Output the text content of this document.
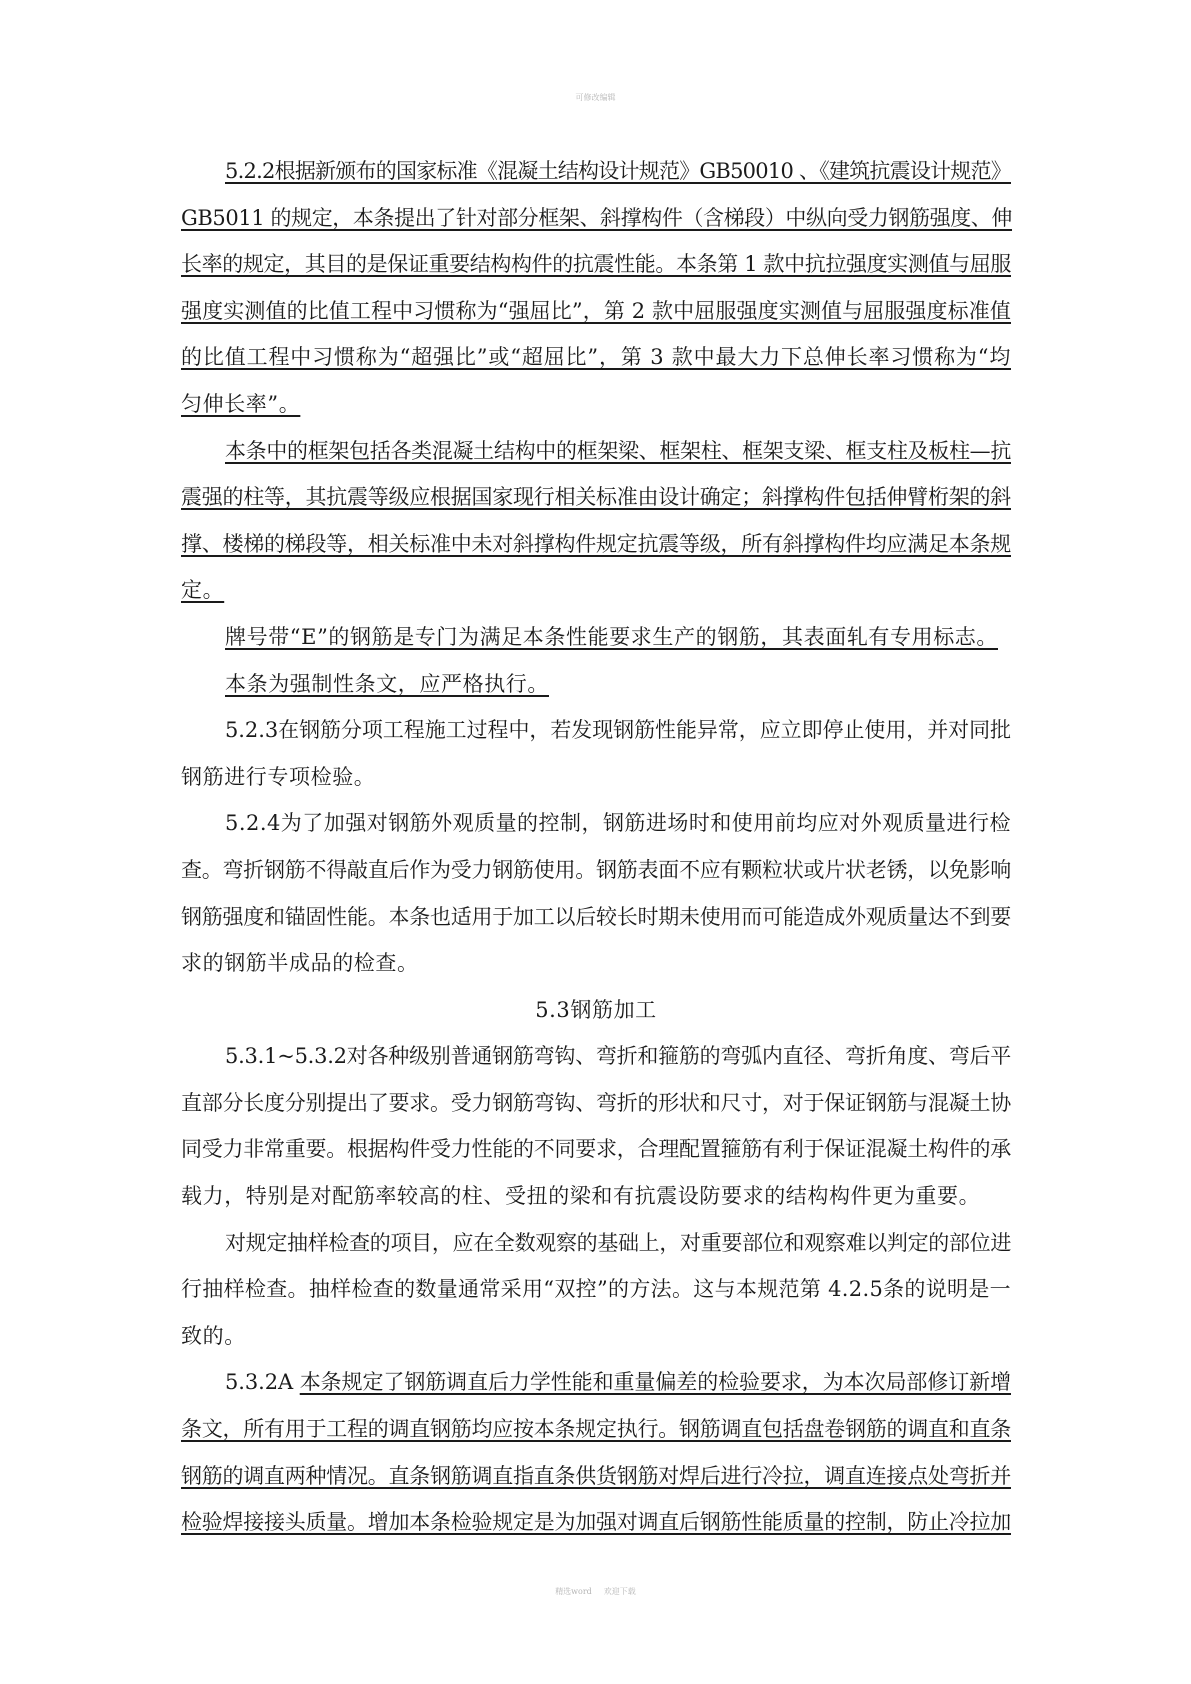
可修改编辑
5.2.2根据新颁布的国家标准《混凝土结构设计规范》GB50010 、《建筑抗震设计规范》
GB5011 的规定，本条提出了针对部分框架、斜撑构件（含梯段）中纵向受力钢筋强度、伸
长率的规定，其目的是保证重要结构构件的抗震性能。本条第 1 款中抗拉强度实测值与屈服
强度实测值的比值工程中习惯称为“强屈比”，第 2 款中屈服强度实测值与屈服强度标准值
的比值工程中习惯称为“超强比”或“超屈比”，第 3 款中最大力下总伸长率习惯称为“均
匀伸长率”。
本条中的框架包括各类混凝土结构中的框架梁、框架柱、框架支梁、框支柱及板柱—抗
震强的柱等，其抗震等级应根据国家现行相关标准由设计确定；斜撑构件包括伸臂桁架的斜
撑、楼梯的梯段等，相关标准中未对斜撑构件规定抗震等级，所有斜撑构件均应满足本条规
定。
牌号带“E”的钢筋是专门为满足本条性能要求生产的钢筋，其表面轧有专用标志。
本条为强制性条文，应严格执行。
5.2.3在钢筋分项工程施工过程中，若发现钢筋性能异常，应立即停止使用，并对同批
钢筋进行专项检验。
5.2.4为了加强对钢筋外观质量的控制，钢筋进场时和使用前均应对外观质量进行检
查。弯折钢筋不得敲直后作为受力钢筋使用。钢筋表面不应有颗粒状或片状老锈，以免影响
钢筋强度和锚固性能。本条也适用于加工以后较长时期未使用而可能造成外观质量达不到要
求的钢筋半成品的检查。
5.3钢筋加工
5.3.1~5.3.2对各种级别普通钢筋弯钩、弯折和箍筋的弯弧内直径、弯折角度、弯后平
直部分长度分别提出了要求。受力钢筋弯钩、弯折的形状和尺寸，对于保证钢筋与混凝土协
同受力非常重要。根据构件受力性能的不同要求，合理配置箍筋有利于保证混凝土构件的承
载力，特别是对配筋率较高的柱、受扭的梁和有抗震设防要求的结构构件更为重要。
对规定抽样检查的项目，应在全数观察的基础上，对重要部位和观察难以判定的部位进
行抽样检查。抽样检查的数量通常采用“双控”的方法。这与本规范第 4.2.5条的说明是一
致的。
5.3.2A 本条规定了钢筋调直后力学性能和重量偏差的检验要求，为本次局部修订新增
条文，所有用于工程的调直钢筋均应按本条规定执行。钢筋调直包括盘卷钢筋的调直和直条
钢筋的调直两种情况。直条钢筋调直指直条供货钢筋对焊后进行冷拉，调直连接点处弯折并
检验焊接接头质量。增加本条检验规定是为加强对调直后钢筋性能质量的控制，防止冷拉加
精选word 欢迎下载
